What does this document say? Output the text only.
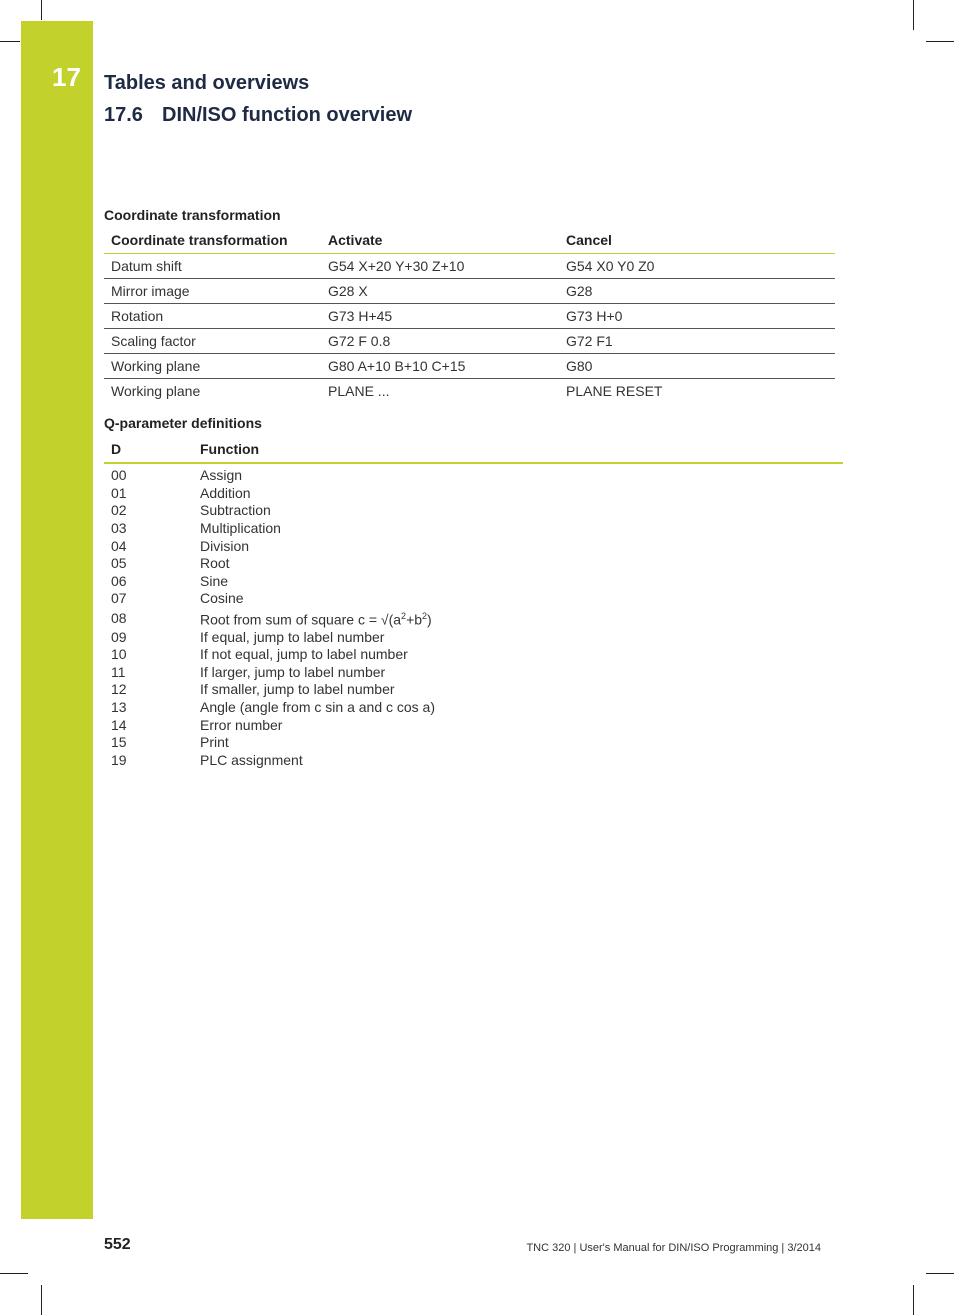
17 Tables and overviews
17.6 DIN/ISO function overview
Coordinate transformation
Coordinate transformation	Activate	Cancel
Datum shift	G54 X+20 Y+30 Z+10	G54 X0 Y0 Z0
Mirror image	G28 X	G28
Rotation	G73 H+45	G73 H+0
Scaling factor	G72 F 0.8	G72 F1
Working plane	G80 A+10 B+10 C+15	G80
Working plane	PLANE ...	PLANE RESET
Q-parameter definitions
D	Function
00	Assign
01	Addition
02	Subtraction
03	Multiplication
04	Division
05	Root
06	Sine
07	Cosine
08	Root from sum of square $c = √(a^2+b^2)$
09	If equal, jump to label number
10	If not equal, jump to label number
11	If larger, jump to label number
12	If smaller, jump to label number
13	Angle (angle from c sin a and c cos a)
14	Error number
15	Print
19	PLC assignment
552	TNC 320 | User's Manual for DIN/ISO Programming | 3/2014
